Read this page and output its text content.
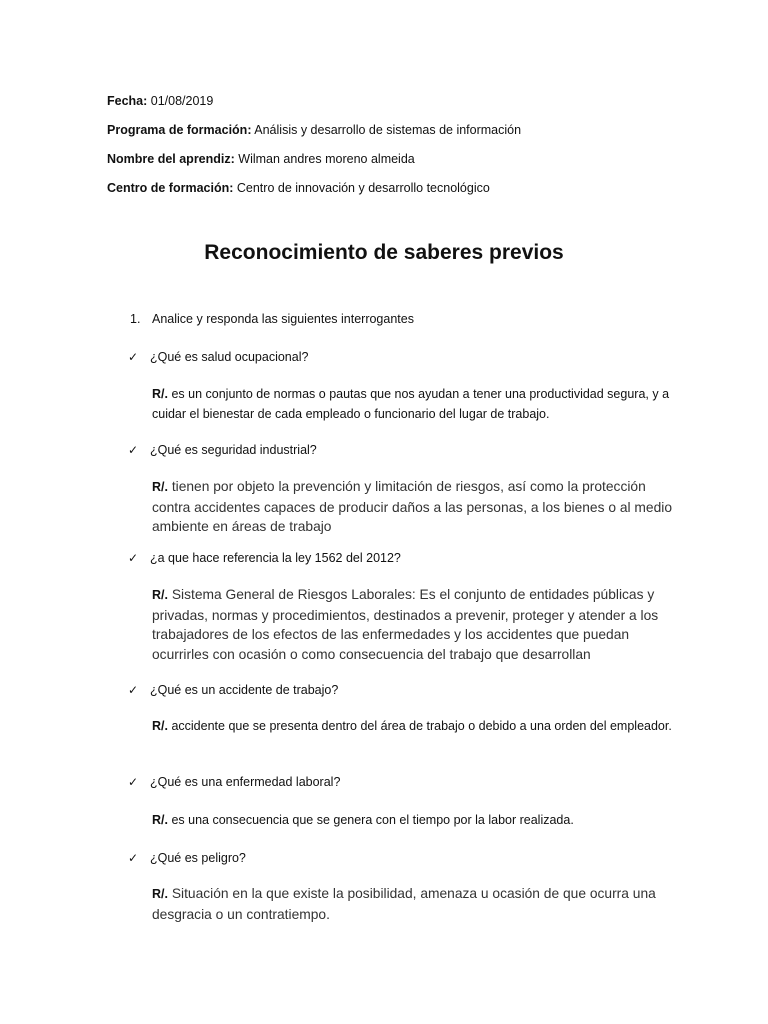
Fecha: 01/08/2019
Programa de formación: Análisis y desarrollo de sistemas de información
Nombre del aprendiz: Wilman andres moreno almeida
Centro de formación: Centro de innovación y desarrollo tecnológico
Reconocimiento de saberes previos
1. Analice y responda las siguientes interrogantes
✓ ¿Qué es salud ocupacional?
R/. es un conjunto de normas o pautas que nos ayudan a tener una productividad segura, y a cuidar el bienestar de cada empleado o funcionario del lugar de trabajo.
✓ ¿Qué es seguridad industrial?
R/. tienen por objeto la prevención y limitación de riesgos, así como la protección contra accidentes capaces de producir daños a las personas, a los bienes o al medio ambiente en áreas de trabajo
✓ ¿a que hace referencia la ley 1562 del 2012?
R/. Sistema General de Riesgos Laborales: Es el conjunto de entidades públicas y privadas, normas y procedimientos, destinados a prevenir, proteger y atender a los trabajadores de los efectos de las enfermedades y los accidentes que puedan ocurrirles con ocasión o como consecuencia del trabajo que desarrollan
✓ ¿Qué es un accidente de trabajo?
R/. accidente que se presenta dentro del área de trabajo o debido a una orden del empleador.
✓ ¿Qué es una enfermedad laboral?
R/. es una consecuencia que se genera con el tiempo por la labor realizada.
✓ ¿Qué es peligro?
R/. Situación en la que existe la posibilidad, amenaza u ocasión de que ocurra una desgracia o un contratiempo.
